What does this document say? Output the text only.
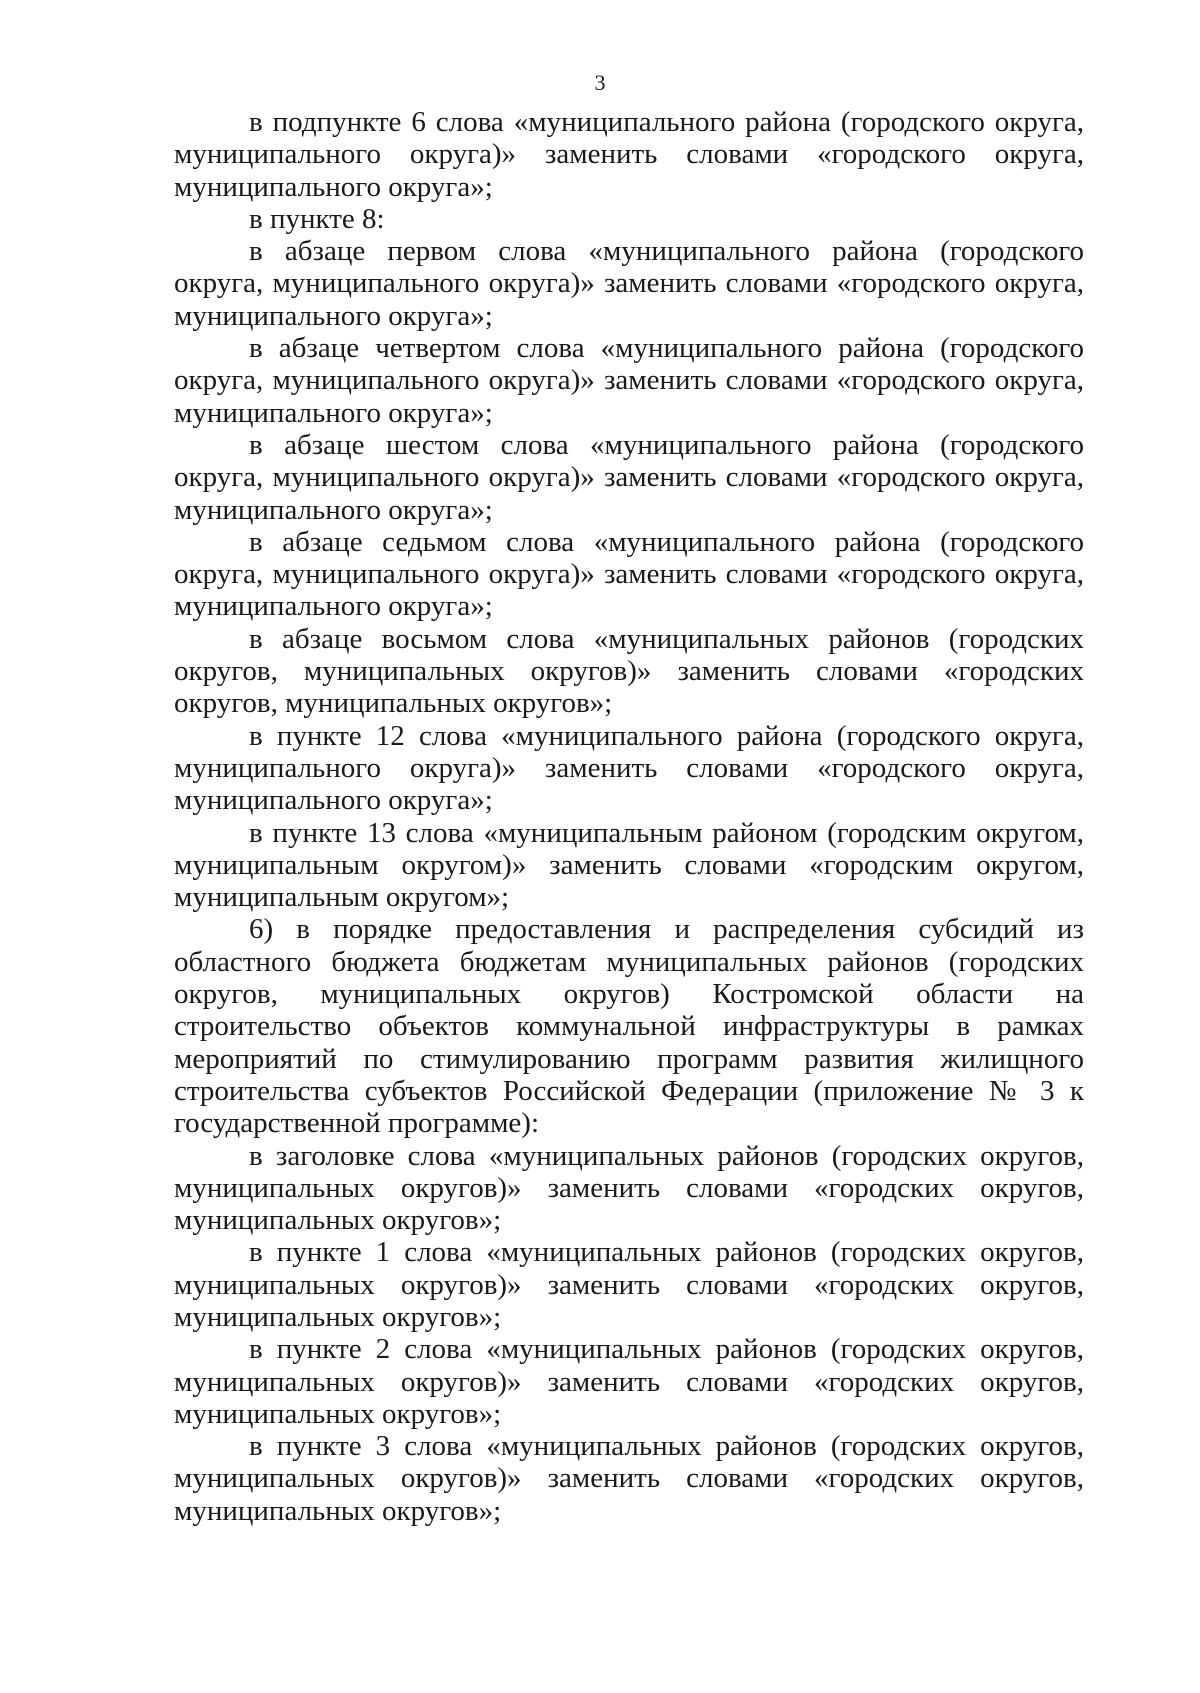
3

в подпункте 6 слова «муниципального района (городского округа, муниципального округа)» заменить словами «городского округа, муниципального округа»;

в пункте 8:

в абзаце первом слова «муниципального района (городского округа, муниципального округа)» заменить словами «городского округа, муниципального округа»;

в абзаце четвертом слова «муниципального района (городского округа, муниципального округа)» заменить словами «городского округа, муниципального округа»;

в абзаце шестом слова «муниципального района (городского округа, муниципального округа)» заменить словами «городского округа, муниципального округа»;

в абзаце седьмом слова «муниципального района (городского округа, муниципального округа)» заменить словами «городского округа, муниципального округа»;

в абзаце восьмом слова «муниципальных районов (городских округов, муниципальных округов)» заменить словами «городских округов, муниципальных округов»;

в пункте 12 слова «муниципального района (городского округа, муниципального округа)» заменить словами «городского округа, муниципального округа»;

в пункте 13 слова «муниципальным районом (городским округом, муниципальным округом)» заменить словами «городским округом, муниципальным округом»;

6) в порядке предоставления и распределения субсидий из областного бюджета бюджетам муниципальных районов (городских округов, муниципальных округов) Костромской области на строительство объектов коммунальной инфраструктуры в рамках мероприятий по стимулированию программ развития жилищного строительства субъектов Российской Федерации (приложение № 3 к государственной программе):

в заголовке слова «муниципальных районов (городских округов, муниципальных округов)» заменить словами «городских округов, муниципальных округов»;

в пункте 1 слова «муниципальных районов (городских округов, муниципальных округов)» заменить словами «городских округов, муниципальных округов»;

в пункте 2 слова «муниципальных районов (городских округов, муниципальных округов)» заменить словами «городских округов, муниципальных округов»;

в пункте 3 слова «муниципальных районов (городских округов, муниципальных округов)» заменить словами «городских округов, муниципальных округов»;
